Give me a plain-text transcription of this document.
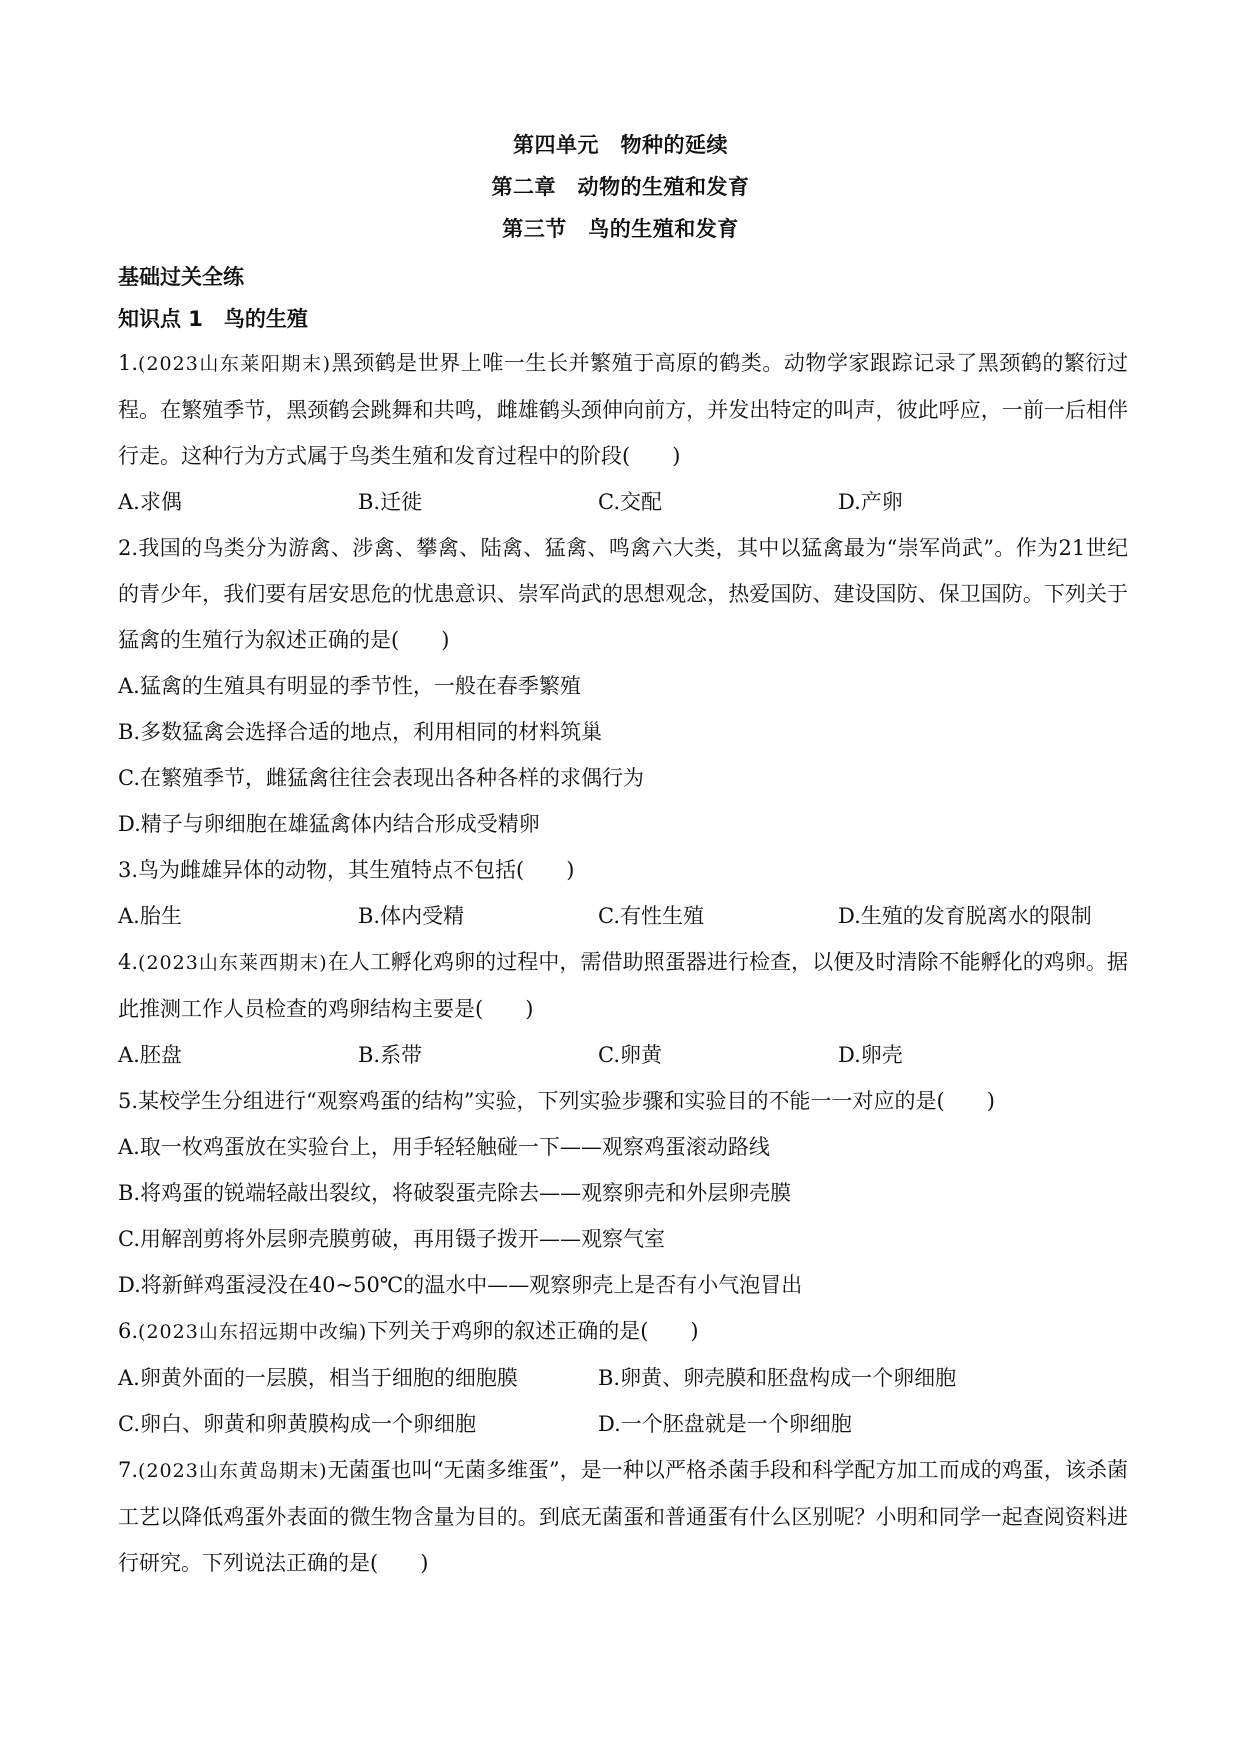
第四单元　物种的延续
第二章　动物的生殖和发育
第三节　鸟的生殖和发育
基础过关全练
知识点 1　鸟的生殖
1.(2023山东莱阳期末)黑颈鹤是世界上唯一生长并繁殖于高原的鹤类。动物学家跟踪记录了黑颈鹤的繁衍过程。在繁殖季节，黑颈鹤会跳舞和共鸣，雌雄鹤头颈伸向前方，并发出特定的叫声，彼此呼应，一前一后相伴行走。这种行为方式属于鸟类生殖和发育过程中的阶段(　　)
A.求偶	B.迁徙	C.交配	D.产卵
2.我国的鸟类分为游禽、涉禽、攀禽、陆禽、猛禽、鸣禽六大类，其中以猛禽最为“崇军尚武”。作为21世纪的青少年，我们要有居安思危的忧患意识、崇军尚武的思想观念，热爱国防、建设国防、保卫国防。下列关于猛禽的生殖行为叙述正确的是(　　)
A.猛禽的生殖具有明显的季节性，一般在春季繁殖
B.多数猛禽会选择合适的地点，利用相同的材料筑巢
C.在繁殖季节，雌猛禽往往会表现出各种各样的求偶行为
D.精子与卵细胞在雄猛禽体内结合形成受精卵
3.鸟为雌雄异体的动物，其生殖特点不包括(　　)
A.胎生	B.体内受精	C.有性生殖	D.生殖的发育脱离水的限制
4.(2023山东莱西期末)在人工孵化鸡卵的过程中，需借助照蛋器进行检查，以便及时清除不能孵化的鸡卵。据此推测工作人员检查的鸡卵结构主要是(　　)
A.胚盘	B.系带	C.卵黄	D.卵壳
5.某校学生分组进行“观察鸡蛋的结构”实验，下列实验步骤和实验目的不能一一对应的是(　　)
A.取一枚鸡蛋放在实验台上，用手轻轻触碰一下——观察鸡蛋滚动路线
B.将鸡蛋的锐端轻敲出裂纹，将破裂蛋壳除去——观察卵壳和外层卵壳膜
C.用解剖剪将外层卵壳膜剪破，再用镊子拨开——观察气室
D.将新鲜鸡蛋浸没在40~50℃的温水中——观察卵壳上是否有小气泡冒出
6.(2023山东招远期中改编)下列关于鸡卵的叙述正确的是(　　)
A.卵黄外面的一层膜，相当于细胞的细胞膜	B.卵黄、卵壳膜和胚盘构成一个卵细胞
C.卵白、卵黄和卵黄膜构成一个卵细胞	D.一个胚盘就是一个卵细胞
7.(2023山东黄岛期末)无菌蛋也叫“无菌多维蛋”，是一种以严格杀菌手段和科学配方加工而成的鸡蛋，该杀菌工艺以降低鸡蛋外表面的微生物含量为目的。到底无菌蛋和普通蛋有什么区别呢？小明和同学一起查阅资料进行研究。下列说法正确的是(　　)
